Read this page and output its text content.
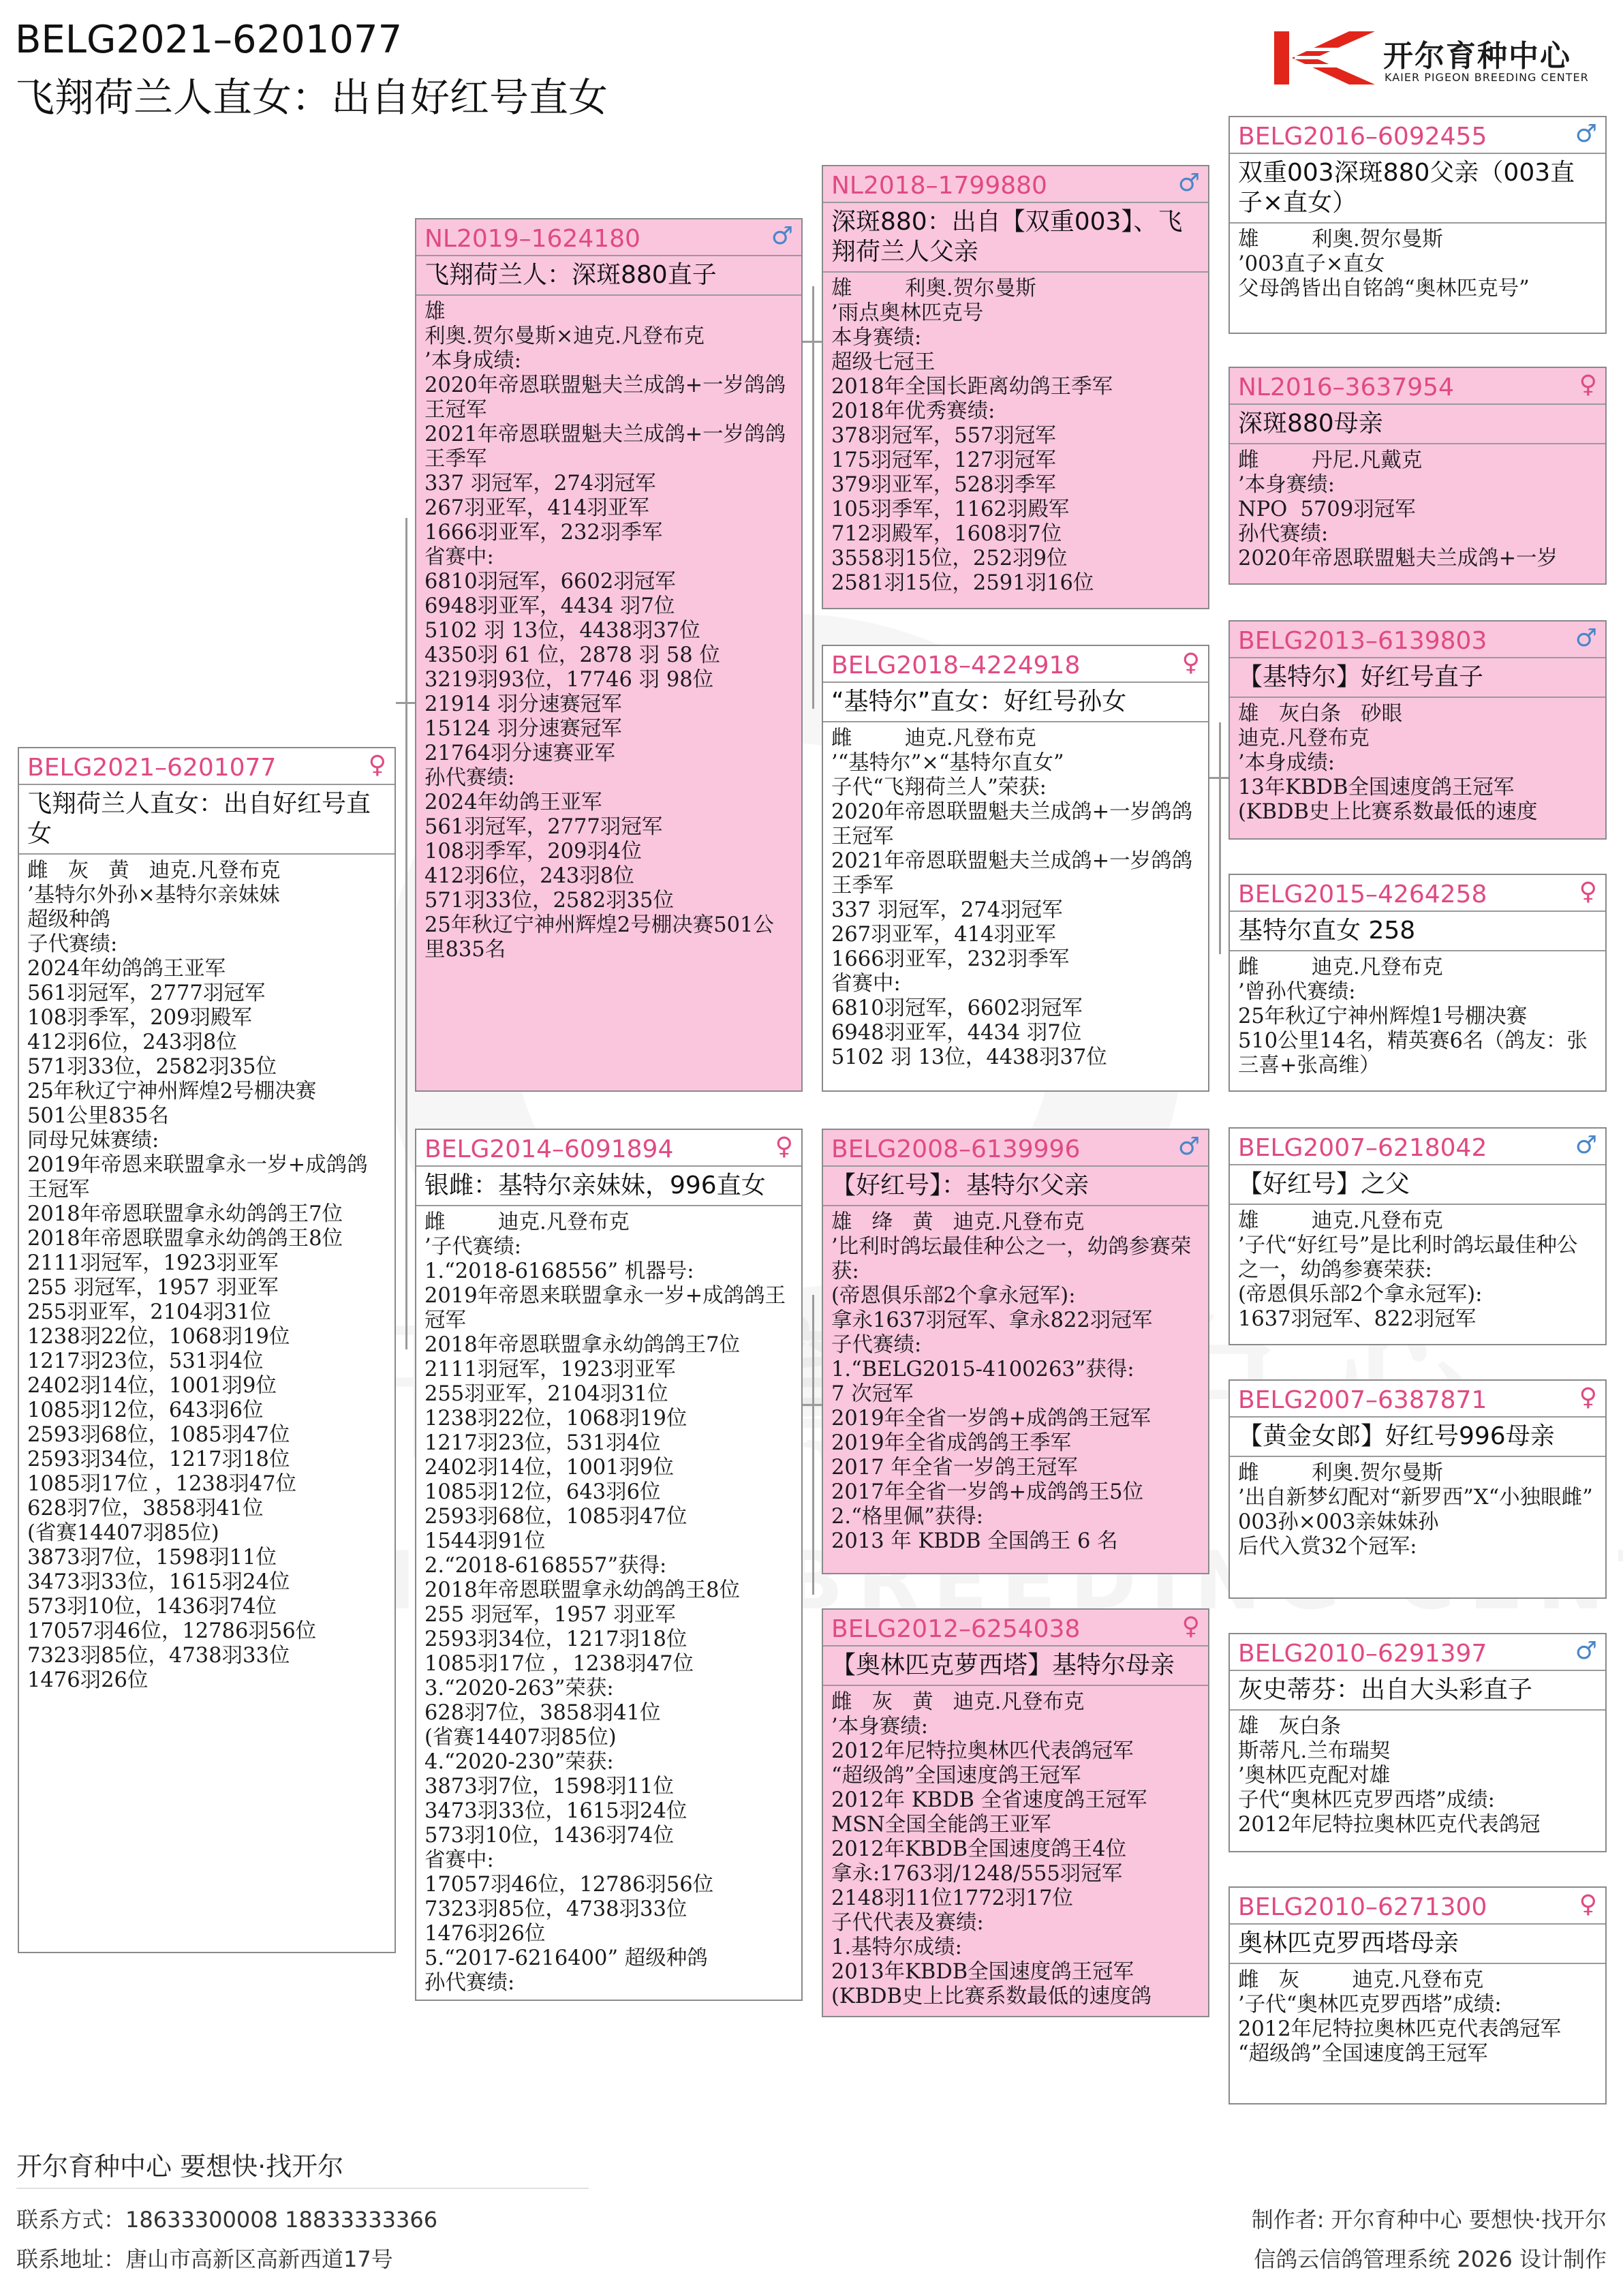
BELG2021–6201077
飞翔荷兰人直女：出自好红号直女
开尔育种中心
KAIER PIGEON BREEDING CENTER
BELG2021–6201077	♀
飞翔荷兰人直女：出自好红号直女
雌   灰   黄   迪克.凡登布克
’基特尔外孙×基特尔亲妹妹
超级种鸽
子代赛绩:
2024年幼鸽鸽王亚军
561羽冠军，2777羽冠军
108羽季军，209羽殿军
412羽6位，243羽8位
571羽33位，2582羽35位
25年秋辽宁神州辉煌2号棚决赛
501公里835名
同母兄妹赛绩:
2019年帝恩来联盟拿永一岁+成鸽鸽王冠军
2018年帝恩联盟拿永幼鸽鸽王7位
2018年帝恩联盟拿永幼鸽鸽王8位
2111羽冠军，1923羽亚军
255 羽冠军，1957 羽亚军
255羽亚军，2104羽31位
1238羽22位，1068羽19位
1217羽23位，531羽4位
2402羽14位，1001羽9位
1085羽12位，643羽6位
2593羽68位，1085羽47位
2593羽34位，1217羽18位
1085羽17位 ，1238羽47位
628羽7位，3858羽41位
(省赛14407羽85位)
3873羽7位，1598羽11位
3473羽33位，1615羽24位
573羽10位，1436羽74位
17057羽46位，12786羽56位
7323羽85位，4738羽33位
1476羽26位
NL2019–1624180	♂
飞翔荷兰人：深斑880直子
雄
利奥.贺尔曼斯×迪克.凡登布克
’本身成绩:
2020年帝恩联盟魁夫兰成鸽+一岁鸽鸽王冠军
2021年帝恩联盟魁夫兰成鸽+一岁鸽鸽王季军
337 羽冠军，274羽冠军
267羽亚军，414羽亚军
1666羽亚军，232羽季军
省赛中:
6810羽冠军，6602羽冠军
6948羽亚军，4434 羽7位
5102 羽 13位，4438羽37位
4350羽 61 位，2878 羽 58 位
3219羽93位，17746 羽 98位
21914 羽分速赛冠军
15124 羽分速赛冠军
21764羽分速赛亚军
孙代赛绩:
2024年幼鸽王亚军
561羽冠军，2777羽冠军
108羽季军，209羽4位
412羽6位，243羽8位
571羽33位，2582羽35位
25年秋辽宁神州辉煌2号棚决赛501公里835名
BELG2014–6091894	♀
银雌：基特尔亲妹妹，996直女
雌        迪克.凡登布克
’子代赛绩:
1.“2018-6168556” 机器号:
2019年帝恩来联盟拿永一岁+成鸽鸽王冠军
2018年帝恩联盟拿永幼鸽鸽王7位
2111羽冠军，1923羽亚军
255羽亚军，2104羽31位
1238羽22位，1068羽19位
1217羽23位，531羽4位
2402羽14位，1001羽9位
1085羽12位，643羽6位
2593羽68位，1085羽47位
1544羽91位
2.“2018-6168557”获得:
2018年帝恩联盟拿永幼鸽鸽王8位
255 羽冠军，1957 羽亚军
2593羽34位，1217羽18位
1085羽17位 ，1238羽47位
3.“2020-263”荣获:
628羽7位，3858羽41位
(省赛14407羽85位)
4.“2020-230”荣获:
3873羽7位，1598羽11位
3473羽33位，1615羽24位
573羽10位，1436羽74位
省赛中:
17057羽46位，12786羽56位
7323羽85位，4738羽33位
1476羽26位
5.“2017-6216400” 超级种鸽
孙代赛绩:
NL2018–1799880	♂
深斑880：出自【双重003】、飞翔荷兰人父亲
雄        利奥.贺尔曼斯
’雨点奥林匹克号
本身赛绩:
超级七冠王
2018年全国长距离幼鸽王季军
2018年优秀赛绩:
378羽冠军，557羽冠军
175羽冠军，127羽冠军
379羽亚军，528羽季军
105羽季军，1162羽殿军
712羽殿军，1608羽7位
3558羽15位，252羽9位
2581羽15位，2591羽16位
BELG2018–4224918	♀
“基特尔”直女：好红号孙女
雌        迪克.凡登布克
’“基特尔”×“基特尔直女”
子代“飞翔荷兰人”荣获:
2020年帝恩联盟魁夫兰成鸽+一岁鸽鸽王冠军
2021年帝恩联盟魁夫兰成鸽+一岁鸽鸽王季军
337 羽冠军，274羽冠军
267羽亚军，414羽亚军
1666羽亚军，232羽季军
省赛中:
6810羽冠军，6602羽冠军
6948羽亚军，4434 羽7位
5102 羽 13位，4438羽37位
BELG2008–6139996	♂
【好红号】：基特尔父亲
雄   绛   黄   迪克.凡登布克
’比利时鸽坛最佳种公之一，幼鸽参赛荣获:
(帝恩俱乐部2个拿永冠军):
拿永1637羽冠军、拿永822羽冠军
子代赛绩:
1.“BELG2015-4100263”获得:
7 次冠军
2019年全省一岁鸽+成鸽鸽王冠军
2019年全省成鸽鸽王季军
2017 年全省一岁鸽王冠军
2017年全省一岁鸽+成鸽鸽王5位
2.“格里佩”获得:
2013 年 KBDB 全国鸽王 6 名
BELG2012–6254038	♀
【奥林匹克萝西塔】基特尔母亲
雌   灰   黄   迪克.凡登布克
’本身赛绩:
2012年尼特拉奥林匹代表鸽冠军
“超级鸽”全国速度鸽王冠军
2012年 KBDB 全省速度鸽王冠军
MSN全国全能鸽王亚军
2012年KBDB全国速度鸽王4位
拿永:1763羽/1248/555羽冠军
2148羽11位1772羽17位
子代代表及赛绩:
1.基特尔成绩:
2013年KBDB全国速度鸽王冠军
(KBDB史上比赛系数最低的速度鸽
BELG2016–6092455	♂
双重003深斑880父亲（003直子×直女）
雄        利奥.贺尔曼斯
’003直子×直女
父母鸽皆出自铭鸽“奥林匹克号”
NL2016–3637954	♀
深斑880母亲
雌        丹尼.凡戴克
’本身赛绩:
NPO  5709羽冠军
孙代赛绩:
2020年帝恩联盟魁夫兰成鸽+一岁
BELG2013–6139803	♂
【基特尔】好红号直子
雄   灰白条   砂眼
迪克.凡登布克
’本身成绩:
13年KBDB全国速度鸽王冠军
(KBDB史上比赛系数最低的速度
BELG2015–4264258	♀
基特尔直女 258
雌        迪克.凡登布克
’曾孙代赛绩:
25年秋辽宁神州辉煌1号棚决赛
510公里14名，精英赛6名（鸽友：张三喜+张高维）
BELG2007–6218042	♂
【好红号】之父
雄        迪克.凡登布克
’子代“好红号”是比利时鸽坛最佳种公之一，幼鸽参赛荣获:
(帝恩俱乐部2个拿永冠军):
1637羽冠军、822羽冠军
BELG2007–6387871	♀
【黄金女郎】好红号996母亲
雌        利奥.贺尔曼斯
’出自新梦幻配对“新罗西”X“小独眼雌”
003孙×003亲妹妹孙
后代入赏32个冠军:
BELG2010–6291397	♂
灰史蒂芬：出自大头彩直子
雄   灰白条
斯蒂凡.兰布瑞契
’奥林匹克配对雄
子代“奥林匹克罗西塔”成绩:
2012年尼特拉奥林匹克代表鸽冠
BELG2010–6271300	♀
奥林匹克罗西塔母亲
雌   灰        迪克.凡登布克
’子代“奥林匹克罗西塔”成绩:
2012年尼特拉奥林匹克代表鸽冠军
“超级鸽”全国速度鸽王冠军
开尔育种中心 要想快·找开尔
联系方式：18633300008 18833333366
联系地址：唐山市高新区高新西道17号
制作者: 开尔育种中心 要想快·找开尔
信鸽云信鸽管理系统 2026 设计制作
